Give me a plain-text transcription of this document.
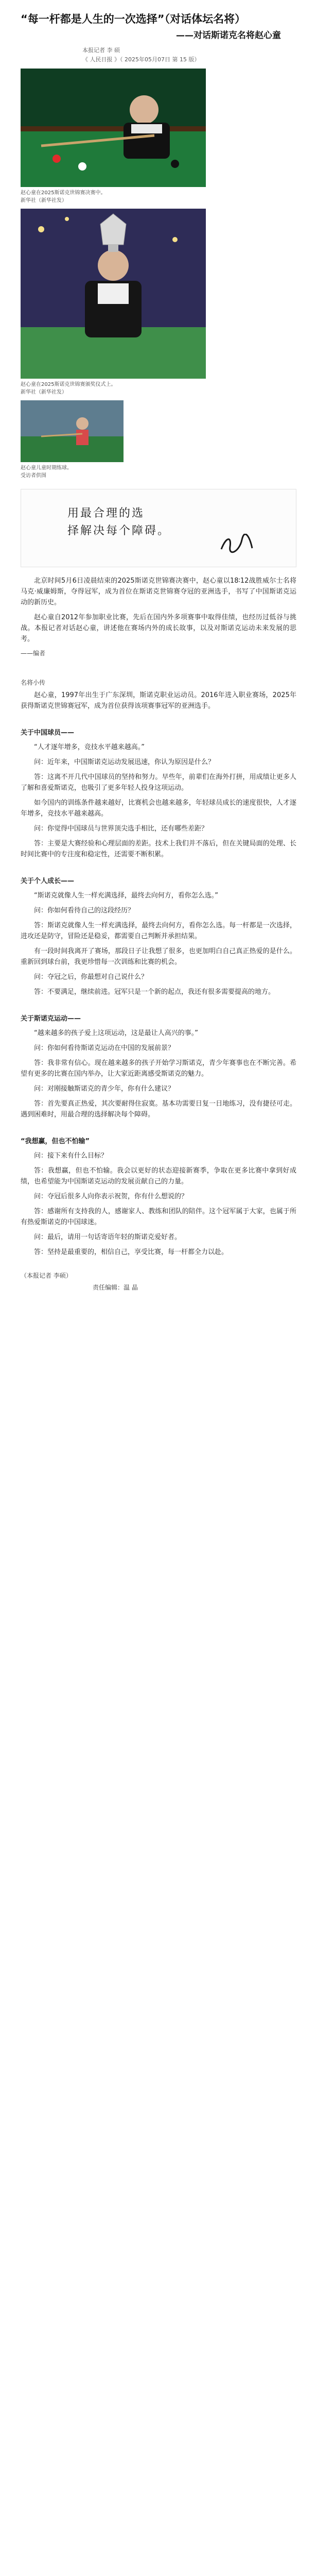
“每一杆都是人生的一次选择”（对话体坛名将）
——对话斯诺克名将赵心童
本报记者 李 硕
《 人民日报 》（ 2025年05月07日 第 15 版）
赵心童在2025斯诺克世锦赛决赛中。
新华社（新华社发）
赵心童在2025斯诺克世锦赛颁奖仪式上。
新华社（新华社发）
赵心童儿童时期练球。
受访者供图
用最合理的选
择解决每个障碍。

北京时间5月6日凌晨结束的2025斯诺克世锦赛决赛中，赵心童以18∶12战胜威尔士名将马克·威廉姆斯，夺得冠军，成为首位在斯诺克世锦赛夺冠的亚洲选手，书写了中国斯诺克运动的新历史。

赵心童自2012年参加职业比赛，先后在国内外多项赛事中取得佳绩，也经历过低谷与挑战。本报记者对话赵心童，讲述他在赛场内外的成长故事，以及对斯诺克运动未来发展的思考。

——编者

名将小传

赵心童，1997年出生于广东深圳，斯诺克职业运动员。2016年进入职业赛场，2025年获得斯诺克世锦赛冠军，成为首位获得该项赛事冠军的亚洲选手。

关于中国球员——

“人才逐年增多，竞技水平越来越高。”

问：近年来，中国斯诺克运动发展迅速，你认为原因是什么？

答：这离不开几代中国球员的坚持和努力。早些年，前辈们在海外打拼，用成绩让更多人了解和喜爱斯诺克，也吸引了更多年轻人投身这项运动。

如今国内的训练条件越来越好，比赛机会也越来越多，年轻球员成长的速度很快，人才逐年增多，竞技水平越来越高。

问：你觉得中国球员与世界顶尖选手相比，还有哪些差距？

答：主要是大赛经验和心理层面的差距。技术上我们并不落后，但在关键局面的处理、长时间比赛中的专注度和稳定性，还需要不断积累。

关于个人成长——

“斯诺克就像人生一样充满选择，最终去向何方，看你怎么选。”

问：你如何看待自己的这段经历？

答：斯诺克就像人生一样充满选择，最终去向何方，看你怎么选。每一杆都是一次选择，进攻还是防守，冒险还是稳妥，都需要自己判断并承担结果。

有一段时间我离开了赛场，那段日子让我想了很多，也更加明白自己真正热爱的是什么。重新回到球台前，我更珍惜每一次训练和比赛的机会。

问：夺冠之后，你最想对自己说什么？

答：不要满足，继续前进。冠军只是一个新的起点，我还有很多需要提高的地方。

关于斯诺克运动——

“越来越多的孩子爱上这项运动，这是最让人高兴的事。”

问：你如何看待斯诺克运动在中国的发展前景？

答：我非常有信心。现在越来越多的孩子开始学习斯诺克，青少年赛事也在不断完善。希望有更多的比赛在国内举办，让大家近距离感受斯诺克的魅力。

问：对刚接触斯诺克的青少年，你有什么建议？

答：首先要真正热爱，其次要耐得住寂寞。基本功需要日复一日地练习，没有捷径可走。遇到困难时，用最合理的选择解决每个障碍。

“我想赢，但也不怕输”

问：接下来有什么目标？

答：我想赢，但也不怕输。我会以更好的状态迎接新赛季，争取在更多比赛中拿到好成绩，也希望能为中国斯诺克运动的发展贡献自己的力量。

问：夺冠后很多人向你表示祝贺，你有什么想说的？

答：感谢所有支持我的人，感谢家人、教练和团队的陪伴。这个冠军属于大家，也属于所有热爱斯诺克的中国球迷。

问：最后，请用一句话寄语年轻的斯诺克爱好者。

答：坚持是最重要的，相信自己，享受比赛，每一杆都全力以赴。

（本报记者 李硕）

责任编辑：温 晶
